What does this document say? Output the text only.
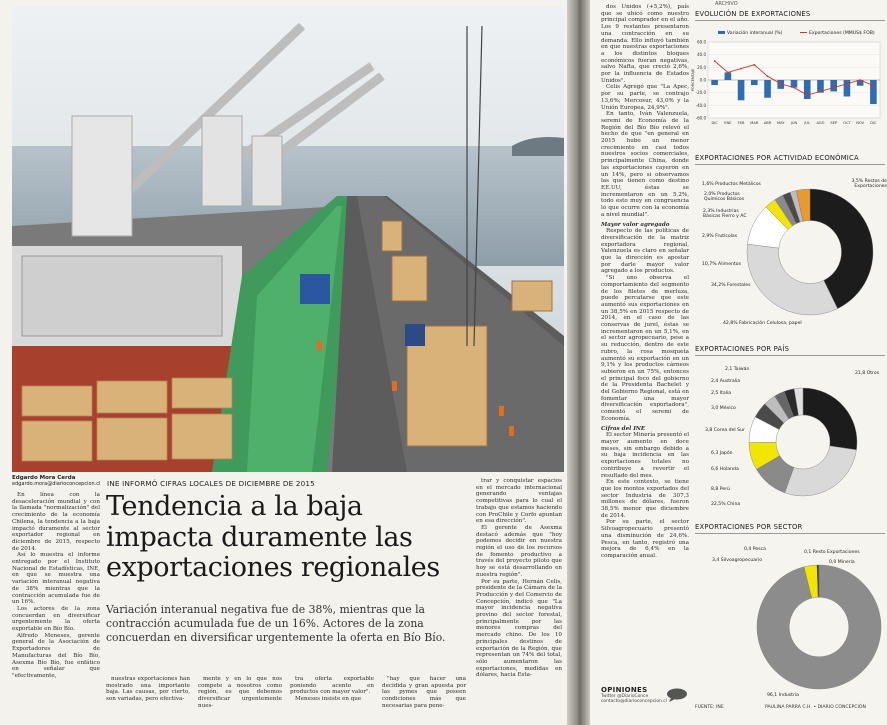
Edgardo Mora Cerda
edgardo.mora@diarioconcepcion.cl

En línea con la desaceleración mundial y con la llamada "normalización" del crecimiento de la economía Chilena, la tendencia a la baja impactó duramente al sector exportador regional en diciembre de 2015, respecto de 2014.

Así lo muestra el informe entregado por el Instituto Nacional de Estadísticas, INE, en que se muestra una variación interanual negativa de 38% mientras que la contracción acumulada fue de un 16%.

Los actores de la zona concuerdan en diversificar urgentemente la oferta exportable en Bío Bío.

Alfredo Meneses, gerente general de la Asociación de Exportadores de Manufacturas del Bío Bío, Asexma Bío Bío, fue enfático en señalar que "efectivamente,

INE INFORMÓ CIFRAS LOCALES DE DICIEMBRE DE 2015
Tendencia a la baja impacta duramente las exportaciones regionales
Variación interanual negativa fue de 38%, mientras que la contracción acumulada fue de un 16%. Actores de la zona concuerdan en diversificar urgentemente la oferta en Bío Bío.

nuestras exportaciones han mostrado una importante baja. Las causas, por cierto, son variadas, pero efectiva-

mente y en lo que nos compete a nosotros como región, es que debemos diversificar urgentemente nues-

tra oferta exportable poniendo acento en productos con mayor valor".

Meneses insiste en que

"hay que hacer una decidida y gran apuesta por las pymes que poseen condiciones más que necesarias para pene-

trar y conquistar espacios en el mercado internacional generando ventajas competitivas para lo cual el trabajo que estamos haciendo con ProChile y Corfo apuntan en esa dirección".

El gerente de Asexma destacó además que "hoy podemos decidir en nuestra región el uso de los recursos de fomento productivo a través del proyecto piloto que hoy se está desarrollando en nuestra región".

Por su parte, Hernán Celis, presidente de la Cámara de la Producción y del Comercio de Concepción, indicó que "La mayor incidencia negativa provino del sector forestal, principalmente por las menores compras del mercado chino. De los 10 principales destinos de exportación de la Región, que representan un 74% del total, sólo aumentaron las exportaciones, medidas en dólares, hacia Esta-

ARCHIVO

dos Unidos (+5,2%), país que se ubicó como nuestro principal comprador en el año. Los 9 restantes presentaron una contracción en su demanda. Ello influyó también en que nuestras exportaciones a los distintos bloques económicos fueran negativas, salvo Nafta, que creció 2,6%, por la influencia de Estados Unidos".

Celis Agregó que "La Apec, por su parte, se contrajo 13,6%; Mercosur, 43,0% y la Unión Europea, 24,9%".

En tanto, Iván Valenzuela, seremi de Economía de la Región del Bío Bío relevó el hecho de que "en general en 2015 hubo un menor crecimiento en casi todos nuestros socios comerciales, principalmente China, donde las exportaciones cayeron en un 14%, pero si observamos las que tienen como destino EE.UU, éstas se incrementaron en un 5,2%, todo esto muy en congruencia lo que ocurre con la economía a nivel mundial".

Mayor valor agregado

Respecto de las políticas de diversificación de la matriz exportadora regional, Valenzuela es claro en señalar que la dirección es apostar por darle mayor valor agregado a los productos.

"Si uno observa el comportamiento del segmento de los filetes de merluza, puede percatarse que este aumentó sus exportaciones en un 38,5% en 2015 respecto de 2014, en el caso de las conservas de jurel, éstas se incrementaron en un 5,1%, en el sector agropecuario, pese a su reducción, dentro de este rubro, la rosa mosqueta aumentó su exportación en un 9,1% y los productos cárneos subieron en un 75%, entonces el principal foco del gobierno de la Presidenta Bachelet y del Gobierno Regional, está en fomentar una mayor diversificación exportadora", comentó el seremi de Economía.

Cifras del INE

El sector Minería presentó el mayor aumento en doce meses, sin embargo debido a su baja incidencia en las exportaciones totales no contribuye a revertir el resultado del mes.

En este contexto, se tiene que los montos exportados del sector Industria de 307,3 millones de dólares, fueron 38,5% menor que diciembre de 2014.

Por su parte, el sector Silvoagropecuario presentó una disminución de 24,6%. Pesca, en tanto, registró una mejora de 6,4% en la comparación anual.

OPINIONES
Twitter @DiarioConce
contacto@diarioconcepcion.cl
EVOLUCIÓN DE EXPORTACIONES
Variación interanual (%)	Exportaciones (MMUS$ FOB)
60.0
40.0
20.0
0.0
-20.0
-40.0
-60.0
PORCENTAJE
DIC ENE FEB MAR ABR MAY JUN JUL AGO SEP OCT NOV DIC
EXPORTACIONES POR ACTIVIDAD ECONÓMICA
1,6% Productos Metálicos
2,0% Productos Químicos Básicos
2,3% Industrias Básicas Fierro y AC
2,9% Frutícolas
10,7% Alimentos
34,2% Forestales
42,8% Fabricación Celulosa, papel
3,5% Restos de Exportaciones
EXPORTACIONES POR PAÍS
2,1 Taiwán
2,4 Australia
2,5 Italia
3,0 México
3,8 Corea del Sur
6,3 Japón
6,6 Holanda
8,8 Perú
22,5% China
21,8 Otros
EXPORTACIONES POR SECTOR
0,4 Pesca
3,4 Silvoagropecuario
0,1 Resto Exportaciones
0,0 Minería
96,1 Industria
FUENTE: INE	PAULINA PARRA C.H. • DIARIO CONCEPCIÓN
